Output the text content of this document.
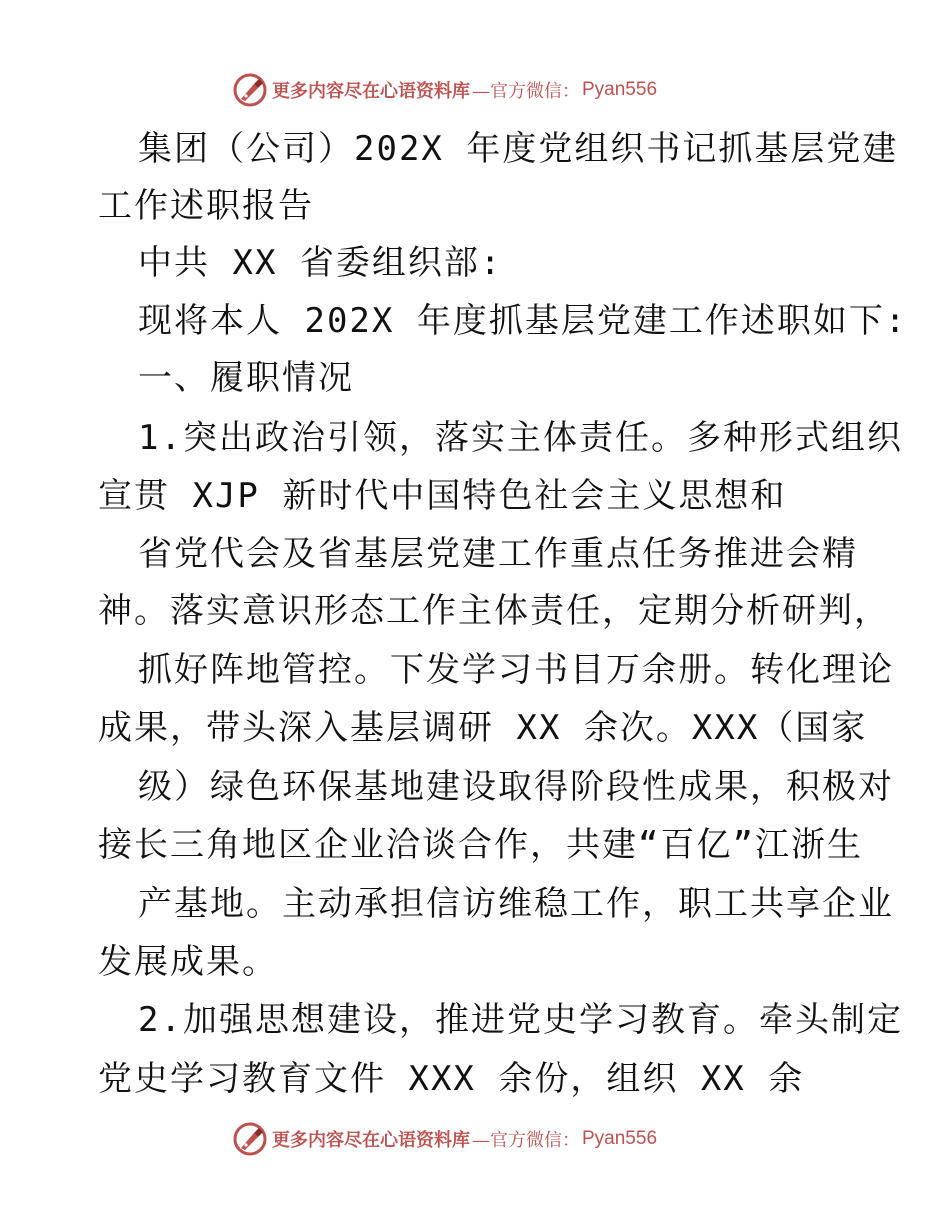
更多内容尽在心语资料库 —官方微信： Pyan556
集团（公司）202X 年度党组织书记抓基层党建
工作述职报告
中共 XX 省委组织部:
现将本人 202X 年度抓基层党建工作述职如下:
一、履职情况
1.突出政治引领，落实主体责任。多种形式组织
宣贯 XJP 新时代中国特色社会主义思想和
省党代会及省基层党建工作重点任务推进会精
神。落实意识形态工作主体责任，定期分析研判，
抓好阵地管控。下发学习书目万余册。转化理论
成果，带头深入基层调研 XX 余次。XXX（国家
级）绿色环保基地建设取得阶段性成果，积极对
接长三角地区企业洽谈合作，共建“百亿”江浙生
产基地。主动承担信访维稳工作，职工共享企业
发展成果。
2.加强思想建设，推进党史学习教育。牵头制定
党史学习教育文件 XXX 余份，组织 XX 余
更多内容尽在心语资料库 —官方微信： Pyan556
